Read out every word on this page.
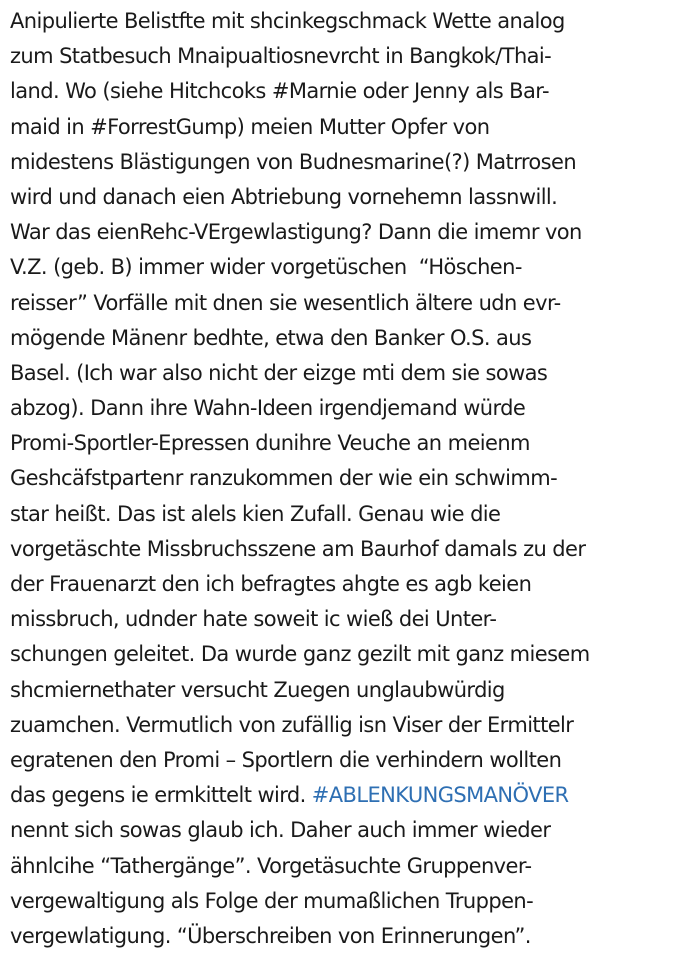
Anipulierte Belistfte mit shcinkegschmack Wette analog
zum Statbesuch Mnaipualtiosnevrcht in Bangkok/Thai-
land. Wo (siehe Hitchcoks #Marnie oder Jenny als Bar-
maid in #ForrestGump) meien Mutter Opfer von
midestens Blästigungen von Budnesmarine(?) Matrrosen
wird und danach eien Abtriebung vornehemn lassnwill.
War das eienRehc-VErgewlastigung? Dann die imemr von
V.Z. (geb. B) immer wider vorgetüschen  “Höschen-
reisser” Vorfälle mit dnen sie wesentlich ältere udn evr-
mögende Mänenr bedhte, etwa den Banker O.S. aus
Basel. (Ich war also nicht der eizge mti dem sie sowas
abzog). Dann ihre Wahn-Ideen irgendjemand würde
Promi-Sportler-Epressen dunihre Veuche an meienm
Geshcäfstpartenr ranzukommen der wie ein schwimm-
star heißt. Das ist alels kien Zufall. Genau wie die
vorgetäschte Missbruchsszene am Baurhof damals zu der
der Frauenarzt den ich befragtes ahgte es agb keien
missbruch, udnder hate soweit ic wieß dei Unter-
schungen geleitet. Da wurde ganz gezilt mit ganz miesem
shcmiernethater versucht Zuegen unglaubwürdig
zuamchen. Vermutlich von zufällig isn Viser der Ermittelr
egratenen den Promi – Sportlern die verhindern wollten
das gegens ie ermkittelt wird. #ABLENKUNGSMANÖVER
nennt sich sowas glaub ich. Daher auch immer wieder
ähnlcihe “Tathergänge”. Vorgetäsuchte Gruppenver-
vergewaltigung als Folge der mumaßlichen Truppen-
vergewlatigung. “Überschreiben von Erinnerungen”.
